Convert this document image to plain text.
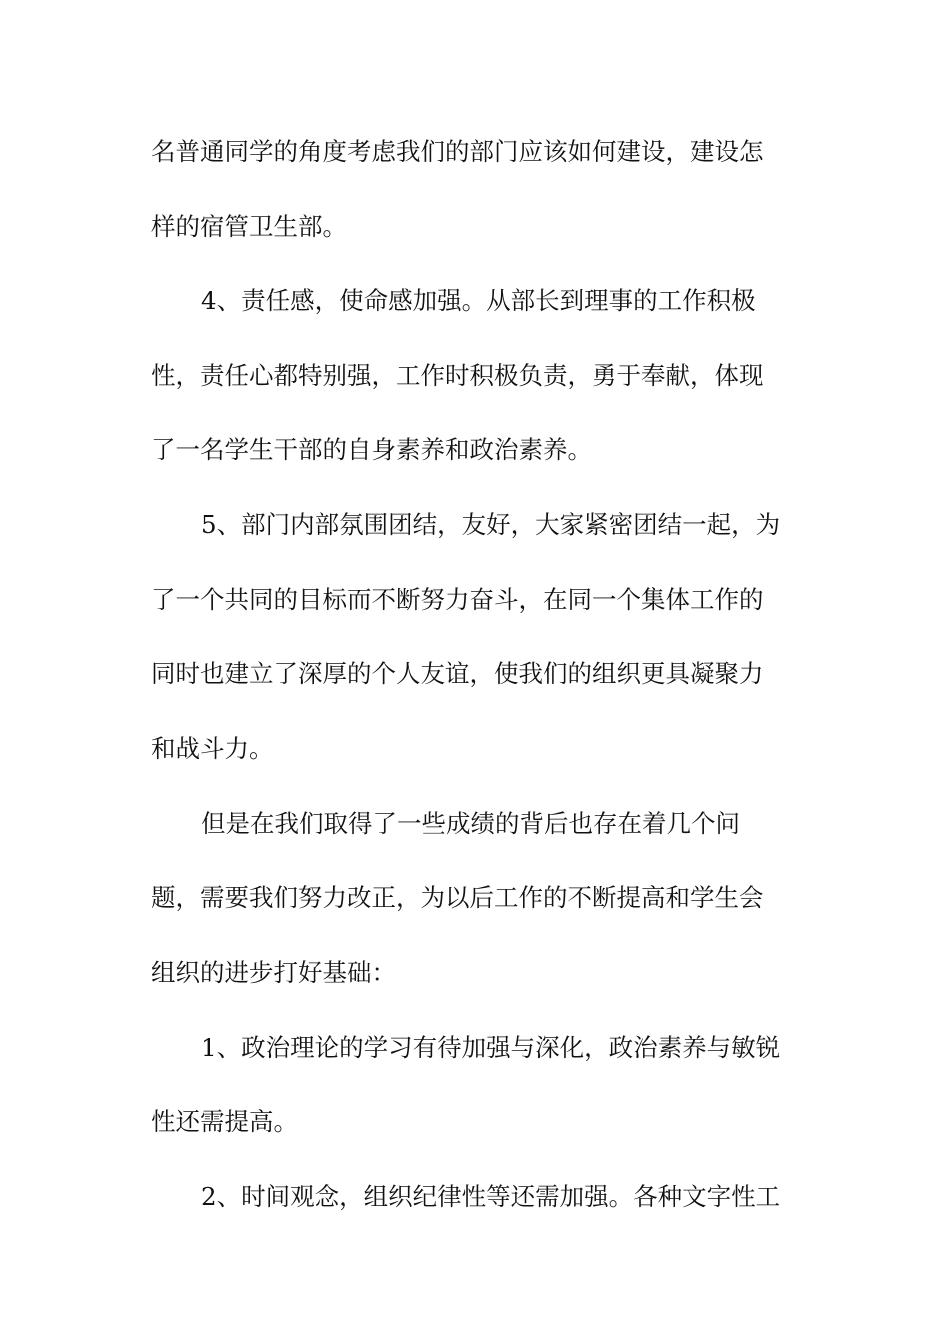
名普通同学的角度考虑我们的部门应该如何建设，建设怎
样的宿管卫生部。
4、责任感，使命感加强。从部长到理事的工作积极
性，责任心都特别强，工作时积极负责，勇于奉献，体现
了一名学生干部的自身素养和政治素养。
5、部门内部氛围团结，友好，大家紧密团结一起，为
了一个共同的目标而不断努力奋斗，在同一个集体工作的
同时也建立了深厚的个人友谊，使我们的组织更具凝聚力
和战斗力。
但是在我们取得了一些成绩的背后也存在着几个问
题，需要我们努力改正，为以后工作的不断提高和学生会
组织的进步打好基础：
1、政治理论的学习有待加强与深化，政治素养与敏锐
性还需提高。
2、时间观念，组织纪律性等还需加强。各种文字性工
